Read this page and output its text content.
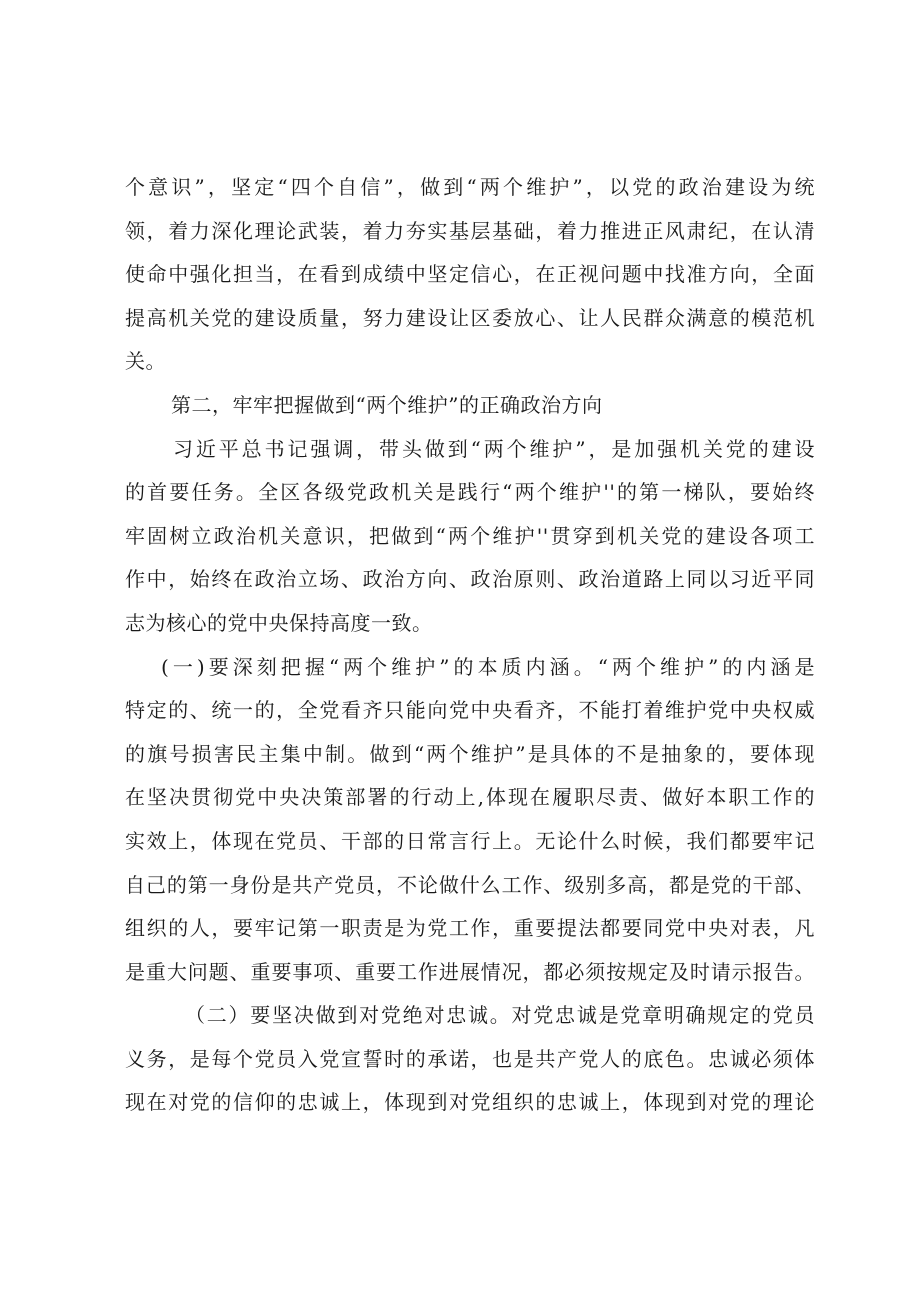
个意识”，坚定“四个自信”，做到“两个维护”，以党的政治建设为统
领，着力深化理论武装，着力夯实基层基础，着力推进正风肃纪，在认清
使命中强化担当，在看到成绩中坚定信心，在正视问题中找准方向，全面
提高机关党的建设质量，努力建设让区委放心、让人民群众满意的模范机
关。
第二，牢牢把握做到“两个维护”的正确政治方向
习近平总书记强调，带头做到“两个维护”，是加强机关党的建设
的首要任务。全区各级党政机关是践行“两个维护''的第一梯队，要始终
牢固树立政治机关意识，把做到“两个维护''贯穿到机关党的建设各项工
作中，始终在政治立场、政治方向、政治原则、政治道路上同以习近平同
志为核心的党中央保持高度一致。
(一)要深刻把握“两个维护”的本质内涵。“两个维护”的内涵是
特定的、统一的，全党看齐只能向党中央看齐，不能打着维护党中央权威
的旗号损害民主集中制。做到“两个维护”是具体的不是抽象的，要体现
在坚决贯彻党中央决策部署的行动上,体现在履职尽责、做好本职工作的
实效上，体现在党员、干部的日常言行上。无论什么时候，我们都要牢记
自己的第一身份是共产党员，不论做什么工作、级别多高，都是党的干部、
组织的人，要牢记第一职责是为党工作，重要提法都要同党中央对表，凡
是重大问题、重要事项、重要工作进展情况，都必须按规定及时请示报告。
（二）要坚决做到对党绝对忠诚。对党忠诚是党章明确规定的党员
义务，是每个党员入党宣誓时的承诺，也是共产党人的底色。忠诚必须体
现在对党的信仰的忠诚上，体现到对党组织的忠诚上，体现到对党的理论
